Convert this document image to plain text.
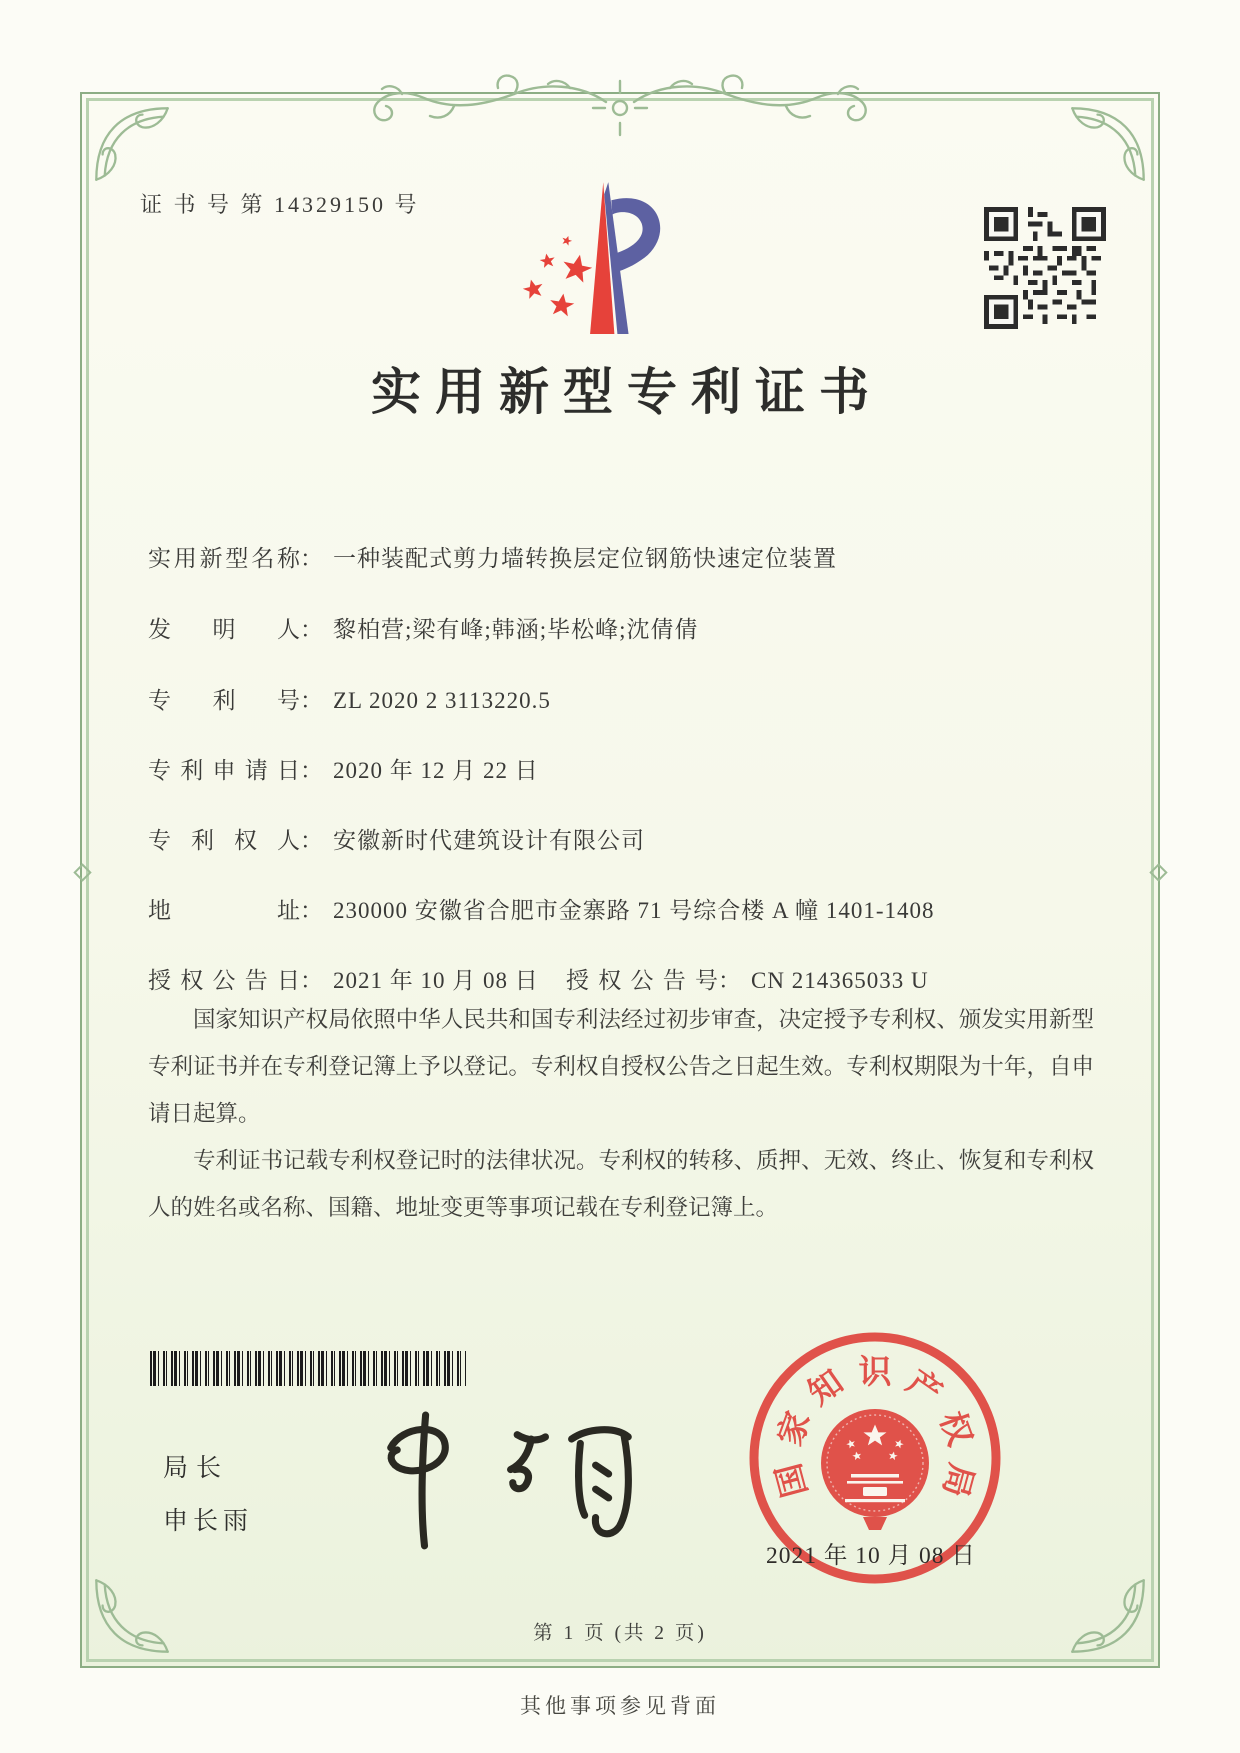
证 书 号 第 14329150 号
实用新型专利证书
实用新型名称： 一种装配式剪力墙转换层定位钢筋快速定位装置
发明人： 黎柏营;梁有峰;韩涵;毕松峰;沈倩倩
专利号： ZL 2020 2 3113220.5
专利申请日： 2020 年 12 月 22 日
专利权人： 安徽新时代建筑设计有限公司
地址： 230000 安徽省合肥市金寨路 71 号综合楼 A 幢 1401-1408
授权公告日： 2021 年 10 月 08 日 授权公告号： CN 214365033 U

国家知识产权局依照中华人民共和国专利法经过初步审查，决定授予专利权、颁发实用新型专利证书并在专利登记簿上予以登记。专利权自授权公告之日起生效。专利权期限为十年，自申请日起算。

专利证书记载专利权登记时的法律状况。专利权的转移、质押、无效、终止、恢复和专利权人的姓名或名称、国籍、地址变更等事项记载在专利登记簿上。

局长
申长雨
国
家
知 识 产
权
局
2021 年 10 月 08 日
第 1 页 (共 2 页)
其他事项参见背面
